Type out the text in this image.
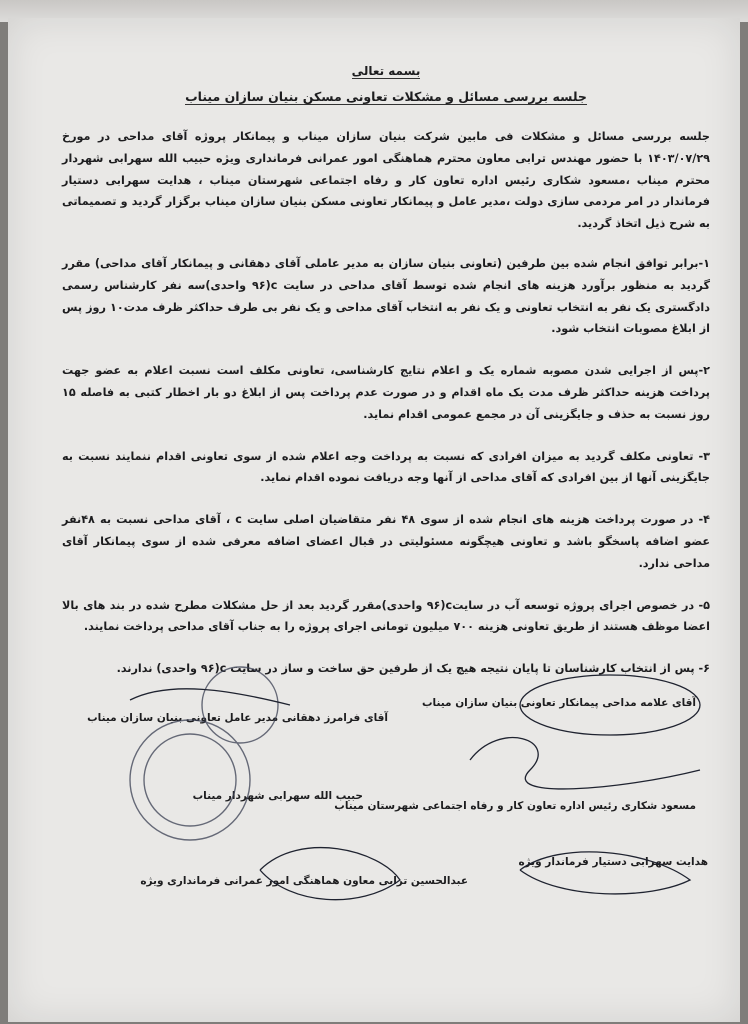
بسمه تعالی
جلسه بررسی مسائل و مشکلات تعاونی مسکن بنیان سازان میناب

جلسه بررسی مسائل و مشکلات فی مابین شرکت بنیان سازان میناب و پیمانکار پروژه آقای مداحی در مورخ ۱۴۰۳/۰۷/۲۹ با حضور مهندس ترابی معاون محترم هماهنگی امور عمرانی فرمانداری ویژه حبیب الله سهرابی شهردار محترم میناب ،مسعود شکاری رئیس اداره تعاون کار و رفاه اجتماعی شهرستان میناب ، هدایت سهرابی دستیار فرماندار در امر مردمی سازی دولت ،مدیر عامل و پیمانکار تعاونی مسکن بنیان سازان میناب برگزار گردید و تصمیماتی به شرح ذیل اتخاذ گردید.

۱-برابر توافق انجام شده بین طرفین (تعاونی بنیان سازان به مدیر عاملی آقای دهقانی و پیمانکار آقای مداحی) مقرر گردید به منظور برآورد هزینه های انجام شده توسط آقای مداحی در سایت c(۹۶ واحدی)سه نفر کارشناس رسمی دادگستری یک نفر به انتخاب تعاونی و یک نفر به انتخاب آقای مداحی و یک نفر بی طرف حداکثر ظرف مدت۱۰ روز پس از ابلاغ مصوبات انتخاب شود.

۲-پس از اجرایی شدن مصوبه شماره یک و اعلام نتایج کارشناسی، تعاونی مکلف است نسبت اعلام به عضو جهت پرداخت هزینه حداکثر ظرف مدت یک ماه اقدام و در صورت عدم پرداخت پس از ابلاغ دو بار اخطار کتبی به فاصله ۱۵ روز نسبت به حذف و جایگزینی آن در مجمع عمومی اقدام نماید.

۳- تعاونی مکلف گردید به میزان افرادی که نسبت به پرداخت وجه اعلام شده از سوی تعاونی اقدام ننمایند نسبت به جایگزینی آنها از بین افرادی که آقای مداحی از آنها وجه دریافت نموده اقدام نماید.

۴- در صورت پرداخت هزینه های انجام شده از سوی ۴۸ نفر متقاضیان اصلی سایت c ، آقای مداحی نسبت به ۴۸نفر عضو اضافه پاسخگو باشد و تعاونی هیچگونه مسئولیتی در قبال اعضای اضافه معرفی شده از سوی پیمانکار آقای مداحی ندارد.

۵- در خصوص اجرای پروژه توسعه آب در سایتc(۹۶ واحدی)مقرر گردید بعد از حل مشکلات مطرح شده در بند های بالا اعضا موظف هستند از طریق تعاونی هزینه ۷۰۰ میلیون تومانی اجرای پروژه را به جناب آقای مداحی پرداخت نمایند.

۶- پس از انتخاب کارشناسان تا پایان نتیجه هیچ یک از طرفین حق ساخت و ساز در سایت c(۹۶ واحدی) ندارند.

آقای علامه مداحی پیمانکار تعاونی بنیان سازان میناب
آقای فرامرز دهقانی مدیر عامل تعاونی بنیان سازان میناب
مسعود شکاری رئیس اداره تعاون کار و رفاه اجتماعی شهرستان میناب
حبیب الله سهرابی شهردار میناب
هدایت سهرابی دستیار فرماندار ویژه
عبدالحسین ترابی معاون هماهنگی امور عمرانی فرمانداری ویژه
